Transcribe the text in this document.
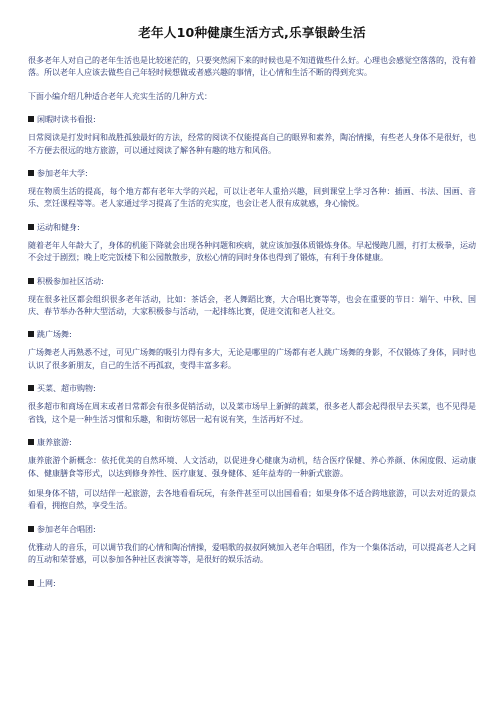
老年人10种健康生活方式,乐享银龄生活

很多老年人对自己的老年生活也是比较迷茫的，只要突然闲下来的时候也是不知道做些什么好。心理也会感觉空落落的，没有着落。所以老年人应该去做些自己年轻时候想做或者感兴趣的事情，让心情和生活不断的得到充实。

下面小编介绍几种适合老年人充实生活的几种方式：

闲暇时读书看报:

日常阅读是打发时间和战胜孤独最好的方法，经常的阅读不仅能提高自己的眼界和素养，陶冶情操，有些老人身体不是很好，也不方便去很远的地方旅游，可以通过阅读了解各种有趣的地方和风俗。

参加老年大学:

现在物质生活的提高，每个地方都有老年大学的兴起，可以让老年人重拾兴趣，回到课堂上学习各种：插画、书法、国画、音乐、烹饪课程等等。老人家通过学习提高了生活的充实度，也会让老人很有成就感，身心愉悦。

运动和健身:

随着老年人年龄大了，身体的机能下降就会出现各种问题和疾病，就应该加强体质锻炼身体。早起慢跑几圈，打打太极拳，运动不会过于剧烈；晚上吃完饭楼下和公园散散步，放松心情的同时身体也得到了锻炼，有利于身体健康。

积极参加社区活动:

现在很多社区都会组织很多老年活动，比如：茶话会，老人舞蹈比赛，大合唱比赛等等，也会在重要的节日：端午、中秋、国庆、春节举办各种大型活动，大家积极参与活动，一起排练比赛，促进交流和老人社交。

跳广场舞:

广场舞老人再熟悉不过，可见广场舞的吸引力得有多大，无论是哪里的广场都有老人跳广场舞的身影，不仅锻炼了身体，同时也认识了很多新朋友，自己的生活不再孤寂，变得丰富多彩。

买菜、超市购物:

很多超市和商场在周末或者日常都会有很多促销活动，以及菜市场早上新鲜的蔬菜，很多老人都会起得很早去买菜，也不见得是省钱，这个是一种生活习惯和乐趣，和街坊邻居一起有说有笑，生活再好不过。

康养旅游:

康养旅游个新概念：依托优美的自然环境、人文活动，以促进身心健康为动机，结合医疗保健、养心养颜、休闲度假、运动康体、健康膳食等形式，以达到修身养性、医疗康复、强身健体、延年益寿的一种新式旅游。

如果身体不错，可以结伴一起旅游，去各地看看玩玩，有条件甚至可以出国看看；如果身体不适合跨地旅游，可以去对近的景点看看，拥抱自然，享受生活。

参加老年合唱团:

优雅动人的音乐，可以调节我们的心情和陶冶情操，爱唱歌的叔叔阿姨加入老年合唱团，作为一个集体活动，可以提高老人之间的互动和荣誉感，可以参加各种社区表演等等，是很好的娱乐活动。

上网:
